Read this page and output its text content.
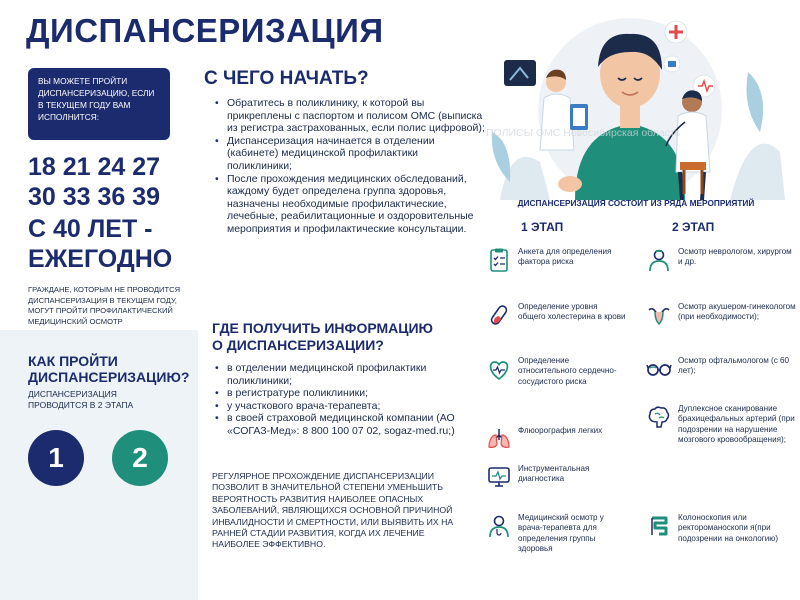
ДИСПАНСЕРИЗАЦИЯ
ВЫ МОЖЕТЕ ПРОЙТИ ДИСПАНСЕРИЗАЦИЮ, ЕСЛИ В ТЕКУЩЕМ ГОДУ ВАМ ИСПОЛНИТСЯ:
18 21 24 27
30 33 36 39
С 40 ЛЕТ -
ЕЖЕГОДНО
ГРАЖДАНЕ, КОТОРЫМ НЕ ПРОВОДИТСЯ ДИСПАНСЕРИЗАЦИЯ В ТЕКУЩЕМ ГОДУ, МОГУТ ПРОЙТИ ПРОФИЛАКТИЧЕСКИЙ МЕДИЦИНСКИЙ ОСМОТР
КАК ПРОЙТИ
ДИСПАНСЕРИЗАЦИЮ?
ДИСПАНСЕРИЗАЦИЯ
ПРОВОДИТСЯ В 2 ЭТАПА
1	2
С ЧЕГО НАЧАТЬ?
• Обратитесь в поликлинику, к которой вы прикреплены с паспортом и полисом ОМС (выписка из регистра застрахованных, если полис цифровой);
• Диспансеризация начинается в отделении (кабинете) медицинской профилактики поликлиники;
• После прохождения медицинских обследований, каждому будет определена группа здоровья, назначены необходимые профилактические, лечебные, реабилитационные и оздоровительные мероприятия и профилактические консультации.
ГДЕ ПОЛУЧИТЬ ИНФОРМАЦИЮ
О ДИСПАНСЕРИЗАЦИИ?
• в отделении медицинской профилактики поликлиники;
• в регистратуре поликлиники;
• у участкового врача-терапевта;
• в своей страховой медицинской компании (АО «СОГАЗ-Мед»: 8 800 100 07 02, sogaz-med.ru;)
РЕГУЛЯРНОЕ ПРОХОЖДЕНИЕ ДИСПАНСЕРИЗАЦИИ ПОЗВОЛИТ В ЗНАЧИТЕЛЬНОЙ СТЕПЕНИ УМЕНЬШИТЬ ВЕРОЯТНОСТЬ РАЗВИТИЯ НАИБОЛЕЕ ОПАСНЫХ ЗАБОЛЕВАНИЙ, ЯВЛЯЮЩИХСЯ ОСНОВНОЙ ПРИЧИНОЙ ИНВАЛИДНОСТИ И СМЕРТНОСТИ, ИЛИ ВЫЯВИТЬ ИХ НА РАННЕЙ СТАДИИ РАЗВИТИЯ, КОГДА ИХ ЛЕЧЕНИЕ НАИБОЛЕЕ ЭФФЕКТИВНО.
ПОЛИСЫ ОМС Новосибирская область
ДИСПАНСЕРИЗАЦИЯ СОСТОИТ ИЗ РЯДА МЕРОПРИЯТИЙ
1 ЭТАП	2 ЭТАП
Анкета для определения фактора риска
Определение уровня общего холестерина в крови
Определение относительного сердечно-сосудистого риска
Флюорография легких
Инструментальная диагностика
Медицинский осмотр у врача-терапевта для определения группы здоровья
Осмотр неврологом, хирургом и др.
Осмотр акушером-гинекологом (при необходимости);
Осмотр офтальмологом (с 60 лет);
Дуплексное сканирование брахицефальных артерий (при подозрении на нарушение мозгового кровообращения);
Колоноскопия или ректороманоскопи я(при подозрении на онкологию)
